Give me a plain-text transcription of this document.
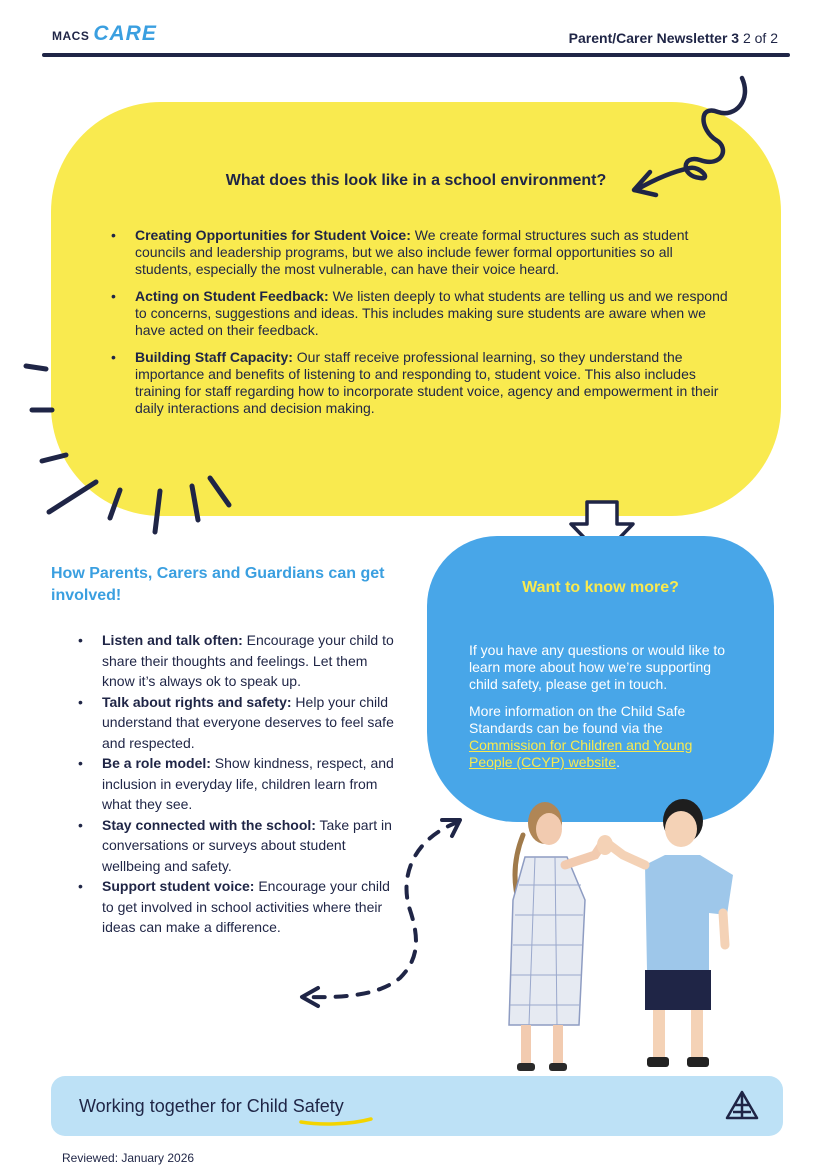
MACS CARE	Parent/Carer Newsletter 3 2 of 2
What does this look like in a school environment?
• Creating Opportunities for Student Voice: We create formal structures such as student councils and leadership programs, but we also include fewer formal opportunities so all students, especially the most vulnerable, can have their voice heard.
• Acting on Student Feedback: We listen deeply to what students are telling us and we respond to concerns, suggestions and ideas. This includes making sure students are aware when we have acted on their feedback.
• Building Staff Capacity: Our staff receive professional learning, so they understand the importance and benefits of listening to and responding to, student voice. This also includes training for staff regarding how to incorporate student voice, agency and empowerment in their daily interactions and decision making.
How Parents, Carers and Guardians can get involved!
• Listen and talk often: Encourage your child to share their thoughts and feelings. Let them know it’s always ok to speak up.
• Talk about rights and safety: Help your child understand that everyone deserves to feel safe and respected.
• Be a role model: Show kindness, respect, and inclusion in everyday life, children learn from what they see.
• Stay connected with the school: Take part in conversations or surveys about student wellbeing and safety.
• Support student voice: Encourage your child to get involved in school activities where their ideas can make a difference.
Want to know more?

If you have any questions or would like to learn more about how we’re supporting child safety, please get in touch.

More information on the Child Safe Standards can be found via the Commission for Children and Young People (CCYP) website.

Working together for Child Safety
Reviewed: January 2026
